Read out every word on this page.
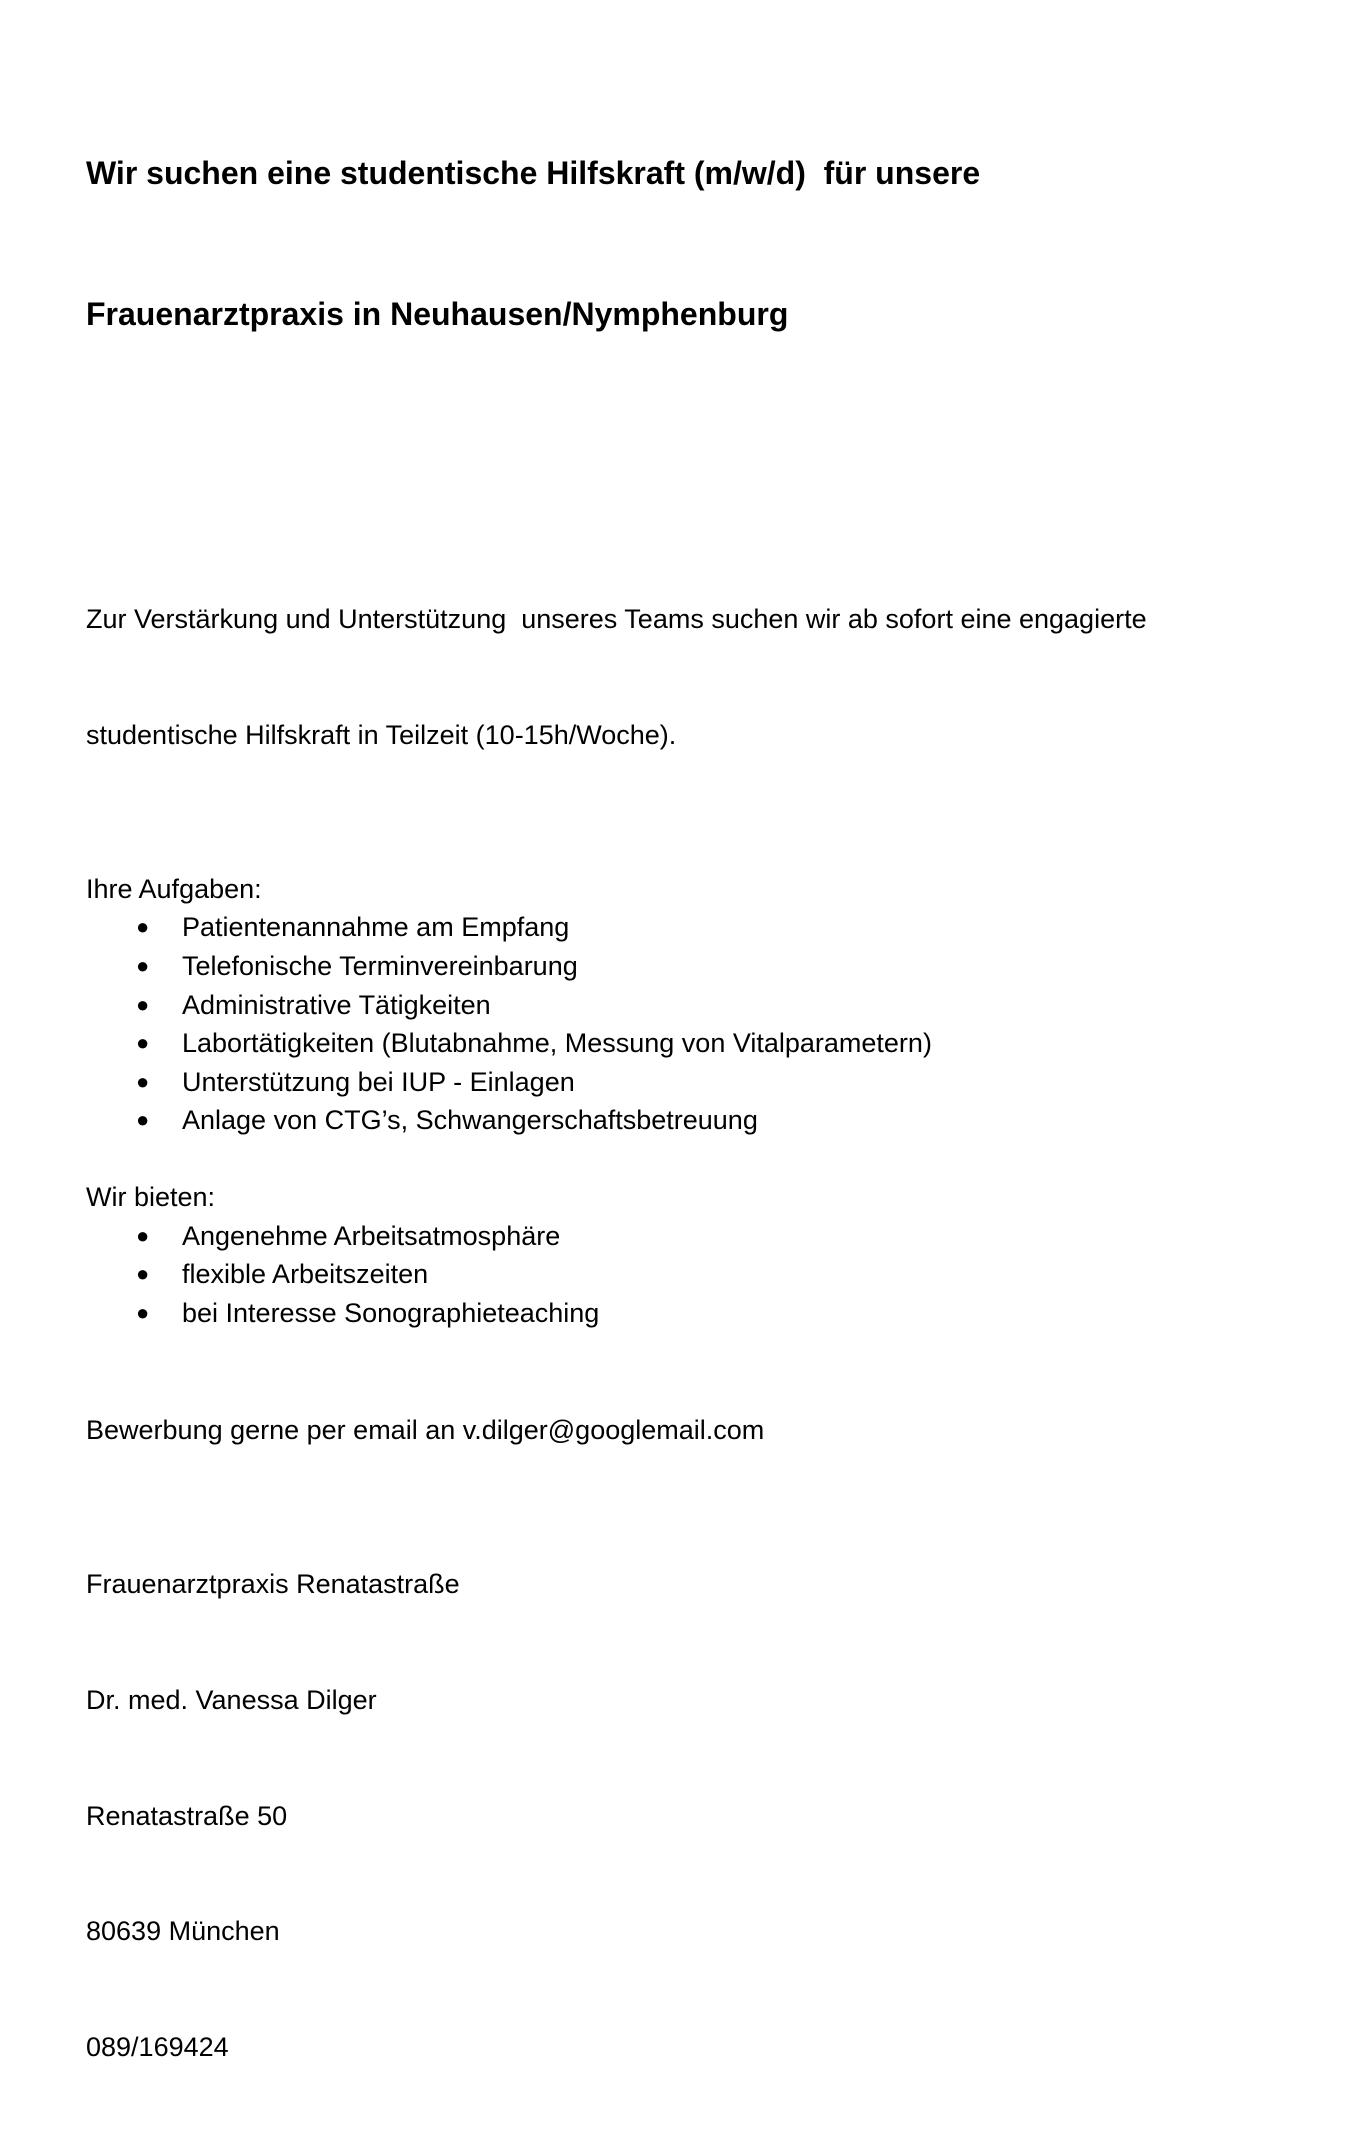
Wir suchen eine studentische Hilfskraft (m/w/d)  für unsere

Frauenarztpraxis in Neuhausen/Nymphenburg

Zur Verstärkung und Unterstützung  unseres Teams suchen wir ab sofort eine engagierte

studentische Hilfskraft in Teilzeit (10-15h/Woche).

Ihre Aufgaben:
● Patientenannahme am Empfang
● Telefonische Terminvereinbarung
● Administrative Tätigkeiten
● Labortätigkeiten (Blutabnahme, Messung von Vitalparametern)
● Unterstützung bei IUP - Einlagen
● Anlage von CTG’s, Schwangerschaftsbetreuung
Wir bieten:
● Angenehme Arbeitsatmosphäre
● flexible Arbeitszeiten
● bei Interesse Sonographieteaching
Bewerbung gerne per email an v.dilger@googlemail.com

Frauenarztpraxis Renatastraße

Dr. med. Vanessa Dilger

Renatastraße 50

80639 München

089/169424
